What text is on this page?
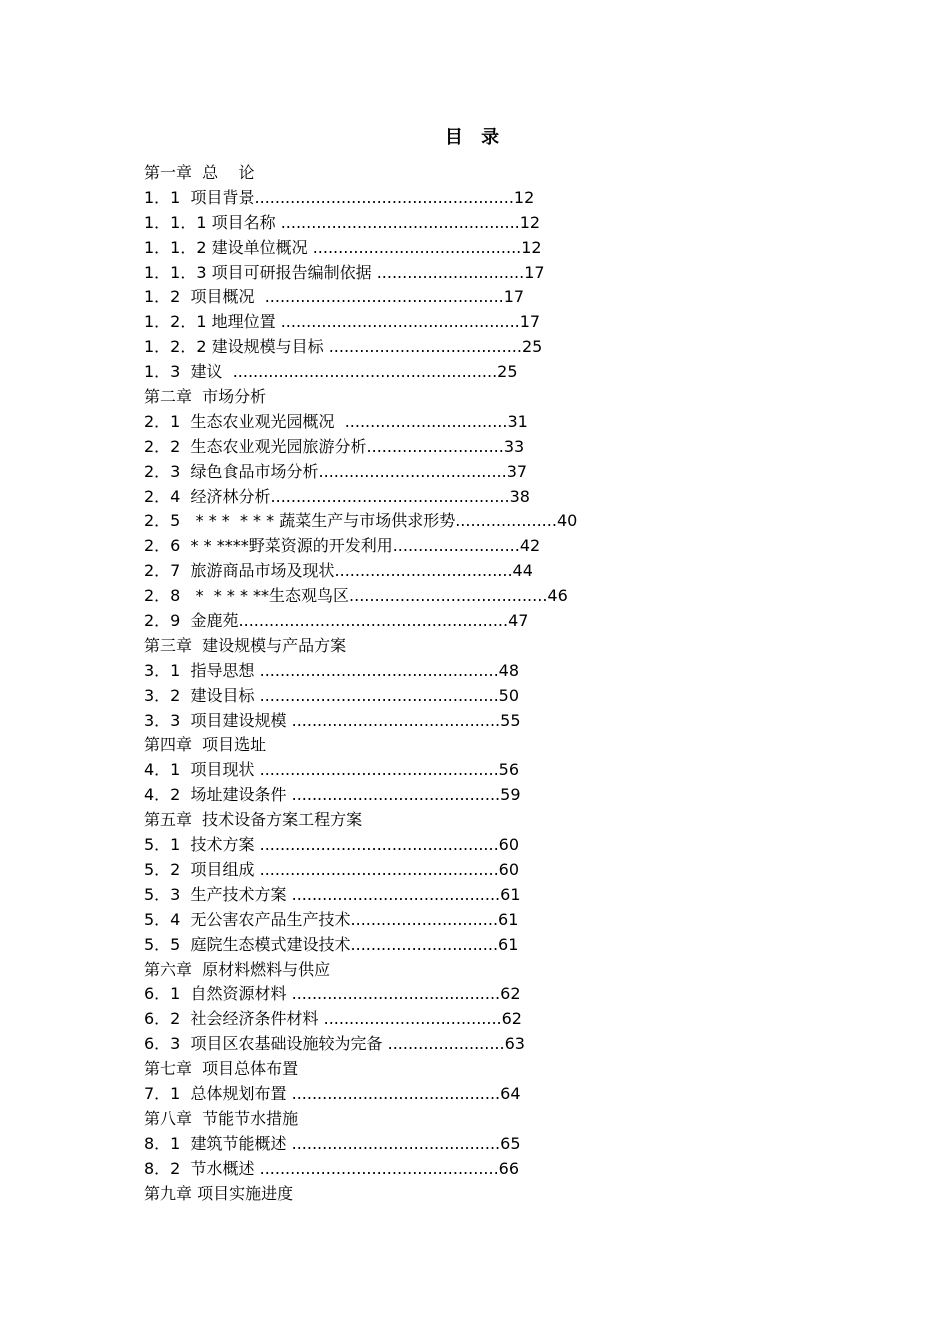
目 录
第一章  总    论
1．1  项目背景...................................................12
1．1．1 项目名称 ...............................................12
1．1．2 建设单位概况 .........................................12
1．1．3 项目可研报告编制依据 .............................17
1．2  项目概况  ...............................................17
1．2．1 地理位置 ...............................................17
1．2．2 建设规模与目标 ......................................25
1．3  建议  ....................................................25
第二章  市场分析
2．1  生态农业观光园概况  ................................31
2．2  生态农业观光园旅游分析...........................33
2．3  绿色食品市场分析.....................................37
2．4  经济林分析...............................................38
2．5   * * *  * * * 蔬菜生产与市场供求形势....................40
2．6  * * ****野菜资源的开发利用.........................42
2．7  旅游商品市场及现状...................................44
2．8   *  * * * **生态观鸟区.......................................46
2．9  金鹿苑.....................................................47
第三章  建设规模与产品方案
3．1  指导思想 ...............................................48
3．2  建设目标 ...............................................50
3．3  项目建设规模 .........................................55
第四章  项目选址
4．1  项目现状 ...............................................56
4．2  场址建设条件 .........................................59
第五章  技术设备方案工程方案
5．1  技术方案 ...............................................60
5．2  项目组成 ...............................................60
5．3  生产技术方案 .........................................61
5．4  无公害农产品生产技术.............................61
5．5  庭院生态模式建设技术.............................61
第六章  原材料燃料与供应
6．1  自然资源材料 .........................................62
6．2  社会经济条件材料 ...................................62
6．3  项目区农基础设施较为完备 .......................63
第七章  项目总体布置
7．1  总体规划布置 .........................................64
第八章  节能节水措施
8．1  建筑节能概述 .........................................65
8．2  节水概述 ...............................................66
第九章 项目实施进度
